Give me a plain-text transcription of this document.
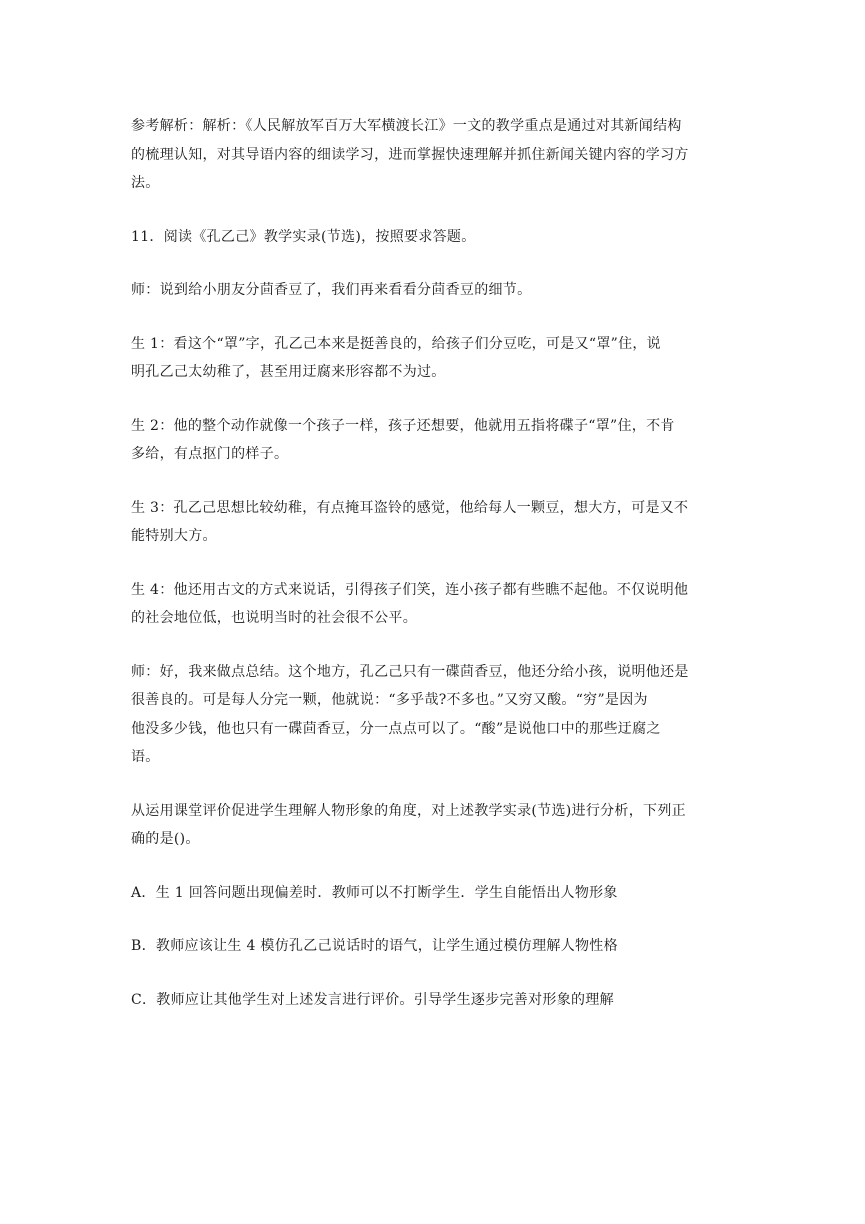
参考解析：解析：《人民解放军百万大军横渡长江》一文的教学重点是通过对其新闻结构
的梳理认知，对其导语内容的细读学习，进而掌握快速理解并抓住新闻关键内容的学习方
法。

11．阅读《孔乙己》教学实录(节选)，按照要求答题。

师：说到给小朋友分茴香豆了，我们再来看看分茴香豆的细节。

生 1：看这个“罩”字，孔乙己本来是挺善良的，给孩子们分豆吃，可是又“罩”住，说
明孔乙己太幼稚了，甚至用迂腐来形容都不为过。

生 2：他的整个动作就像一个孩子一样，孩子还想要，他就用五指将碟子“罩”住，不肯
多给，有点抠门的样子。

生 3：孔乙己思想比较幼稚，有点掩耳盗铃的感觉，他给每人一颗豆，想大方，可是又不
能特别大方。

生 4：他还用古文的方式来说话，引得孩子们笑，连小孩子都有些瞧不起他。不仅说明他
的社会地位低，也说明当时的社会很不公平。

师：好，我来做点总结。这个地方，孔乙己只有一碟茴香豆，他还分给小孩，说明他还是
很善良的。可是每人分完一颗，他就说：“多乎哉?不多也。”又穷又酸。“穷”是因为
他没多少钱，他也只有一碟茴香豆，分一点点可以了。“酸”是说他口中的那些迂腐之
语。

从运用课堂评价促进学生理解人物形象的角度，对上述教学实录(节选)进行分析，下列正
确的是()。

A．生 1 回答问题出现偏差时．教师可以不打断学生．学生自能悟出人物形象

B．教师应该让生 4 模仿孔乙己说话时的语气，让学生通过模仿理解人物性格

C．教师应让其他学生对上述发言进行评价。引导学生逐步完善对形象的理解
